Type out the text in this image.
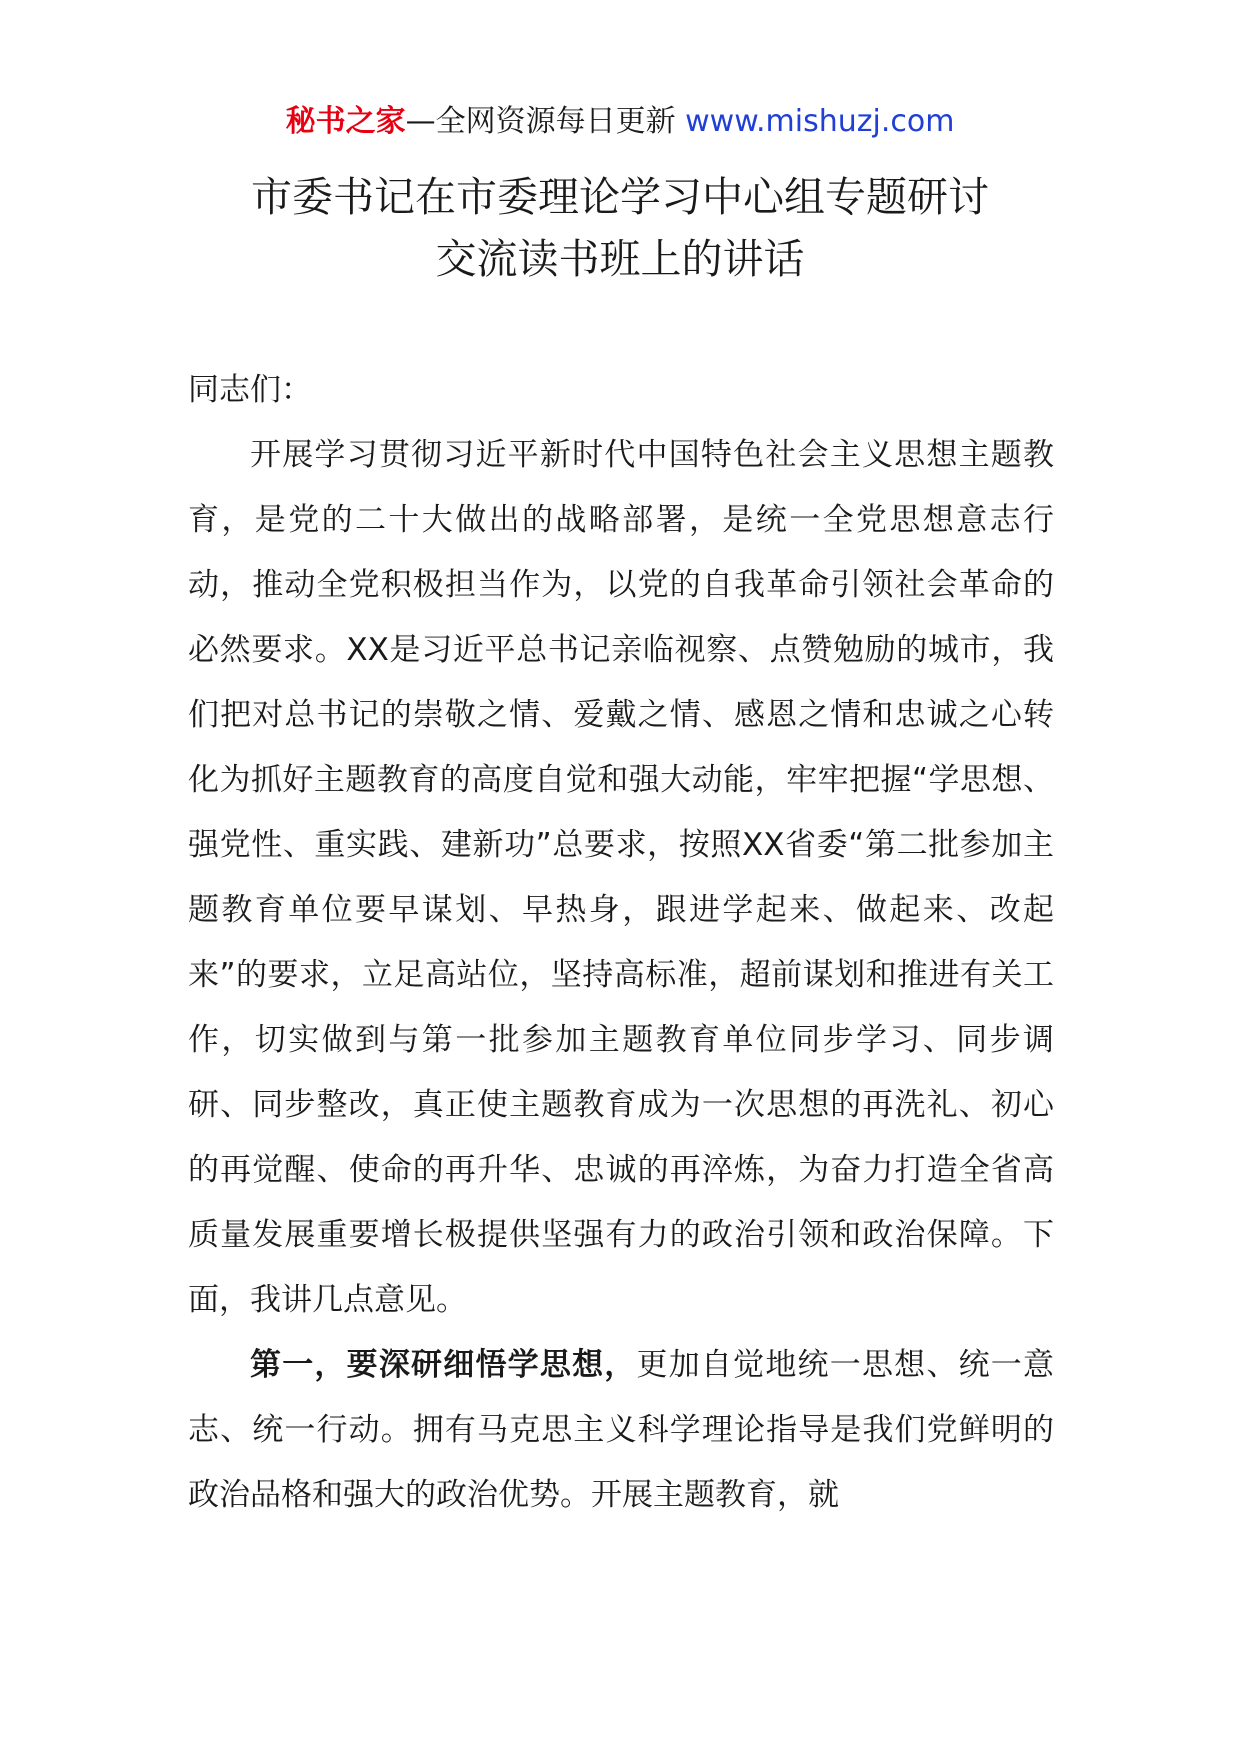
秘书之家—全网资源每日更新 www.mishuzj.com
市委书记在市委理论学习中心组专题研讨
交流读书班上的讲话

同志们：

开展学习贯彻习近平新时代中国特色社会主义思想主题教育，是党的二十大做出的战略部署，是统一全党思想意志行动，推动全党积极担当作为，以党的自我革命引领社会革命的必然要求。XX是习近平总书记亲临视察、点赞勉励的城市，我们把对总书记的崇敬之情、爱戴之情、感恩之情和忠诚之心转化为抓好主题教育的高度自觉和强大动能，牢牢把握“学思想、强党性、重实践、建新功”总要求，按照XX省委“第二批参加主题教育单位要早谋划、早热身，跟进学起来、做起来、改起来”的要求，立足高站位，坚持高标准，超前谋划和推进有关工作，切实做到与第一批参加主题教育单位同步学习、同步调研、同步整改，真正使主题教育成为一次思想的再洗礼、初心的再觉醒、使命的再升华、忠诚的再淬炼，为奋力打造全省高质量发展重要增长极提供坚强有力的政治引领和政治保障。下面，我讲几点意见。

第一，要深研细悟学思想，更加自觉地统一思想、统一意志、统一行动。拥有马克思主义科学理论指导是我们党鲜明的政治品格和强大的政治优势。开展主题教育，就
